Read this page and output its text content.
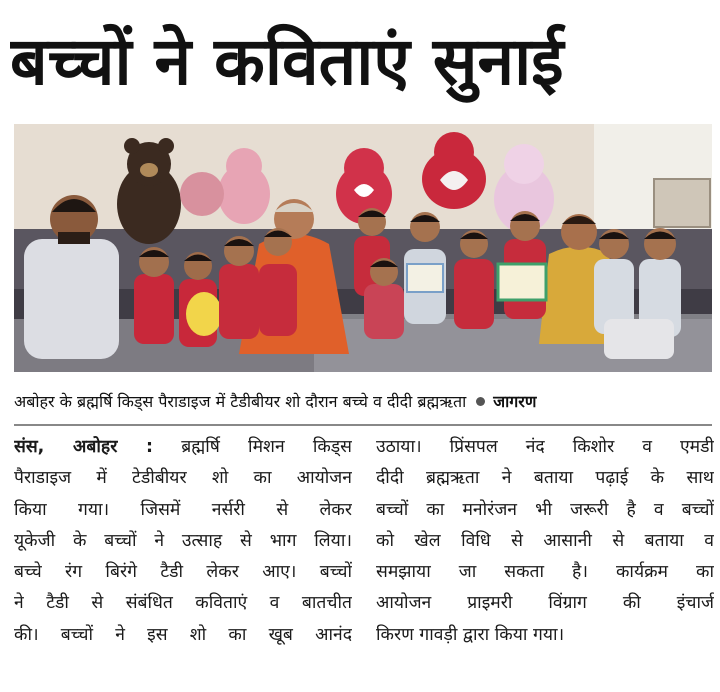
बच्चों ने कविताएं सुनाई
अबोहर के ब्रह्मर्षि किड्स पैराडाइज में टैडीबीयर शो दौरान बच्चे व दीदी ब्रह्मऋता जागरण
संस, अबोहर : ब्रह्मर्षि मिशन किड्स
पैराडाइज में टेडीबीयर शो का आयोजन
किया गया। जिसमें नर्सरी से लेकर
यूकेजी के बच्चों ने उत्साह से भाग लिया।
बच्चे रंग बिरंगे टैडी लेकर आए। बच्चों
ने टैडी से संबंधित कविताएं व बातचीत
की। बच्चों ने इस शो का खूब आनंद
उठाया। प्रिंसपल नंद किशोर व एमडी
दीदी ब्रह्मऋता ने बताया पढ़ाई के साथ
बच्चों का मनोरंजन भी जरूरी है व बच्चों
को खेल विधि से आसानी से बताया व
समझाया जा सकता है। कार्यक्रम का
आयोजन प्राइमरी विंग्राग की इंचार्ज
किरण गावड़ी द्वारा किया गया।
